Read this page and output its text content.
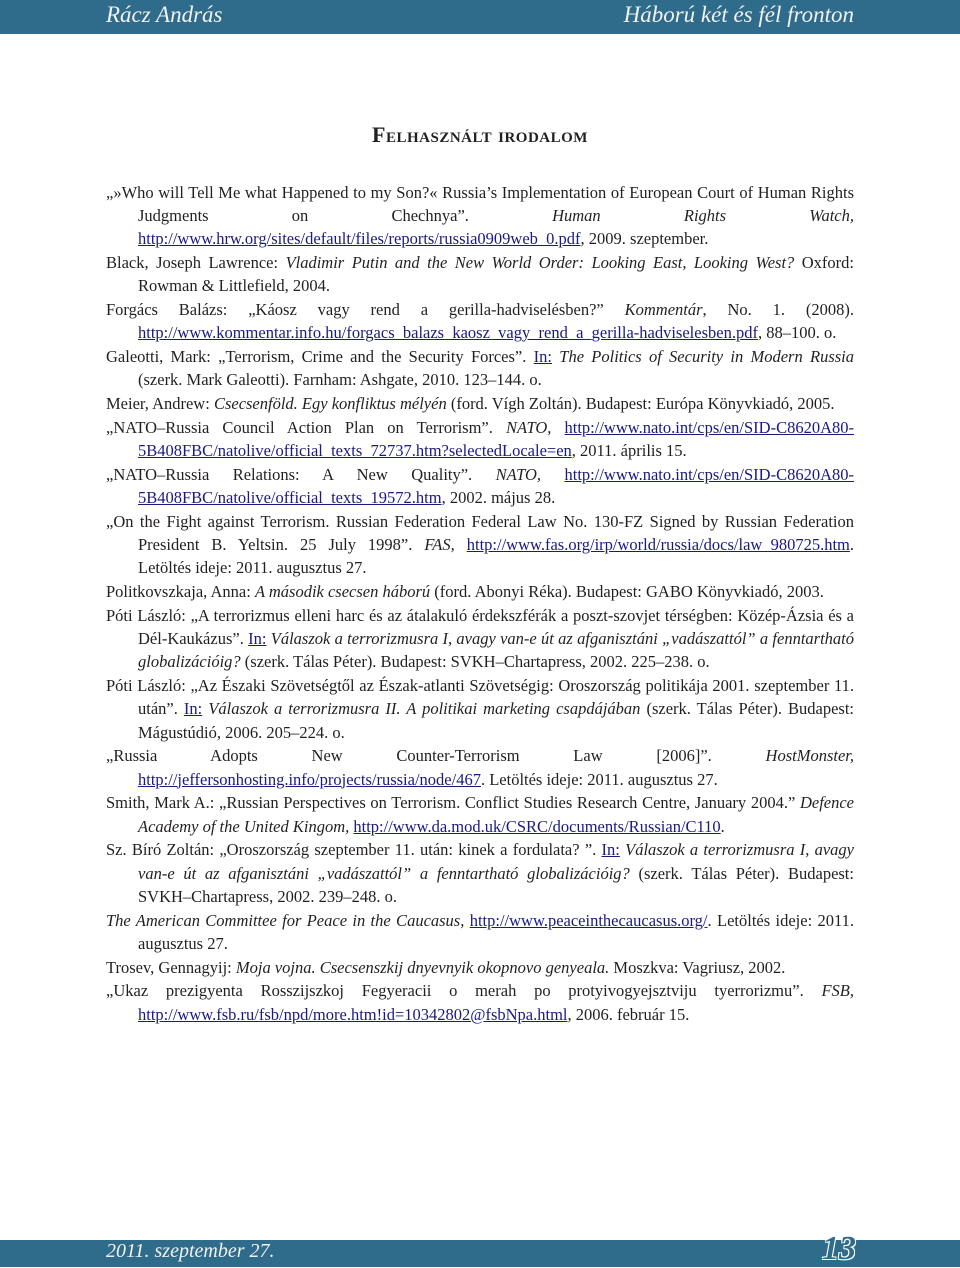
Rácz András	Háború két és fél fronton
Felhasznált irodalom

„»Who will Tell Me what Happened to my Son?« Russia’s Implementation of European Court of Human Rights Judgments on Chechnya”. Human Rights Watch, http://www.hrw.org/sites/default/files/reports/russia0909web_0.pdf, 2009. szeptember.

Black, Joseph Lawrence: Vladimir Putin and the New World Order: Looking East, Looking West? Oxford: Rowman & Littlefield, 2004.

Forgács Balázs: „Káosz vagy rend a gerilla-hadviselésben?” Kommentár, No. 1. (2008). http://www.kommentar.info.hu/forgacs_balazs_kaosz_vagy_rend_a_gerilla-hadviselesben.pdf, 88–100. o.

Galeotti, Mark: „Terrorism, Crime and the Security Forces”. In: The Politics of Security in Modern Russia (szerk. Mark Galeotti). Farnham: Ashgate, 2010. 123–144. o.

Meier, Andrew: Csecsenföld. Egy konfliktus mélyén (ford. Vígh Zoltán). Budapest: Európa Könyvkiadó, 2005.

„NATO–Russia Council Action Plan on Terrorism”. NATO, http://www.nato.int/cps/en/SID-C8620A80-5B408FBC/natolive/official_texts_72737.htm?selectedLocale=en, 2011. április 15.

„NATO–Russia Relations: A New Quality”. NATO, http://www.nato.int/cps/en/SID-C8620A80-5B408FBC/natolive/official_texts_19572.htm, 2002. május 28.

„On the Fight against Terrorism. Russian Federation Federal Law No. 130-FZ Signed by Russian Federation President B. Yeltsin. 25 July 1998”. FAS, http://www.fas.org/irp/world/russia/docs/law_980725.htm. Letöltés ideje: 2011. augusztus 27.

Politkovszkaja, Anna: A második csecsen háború (ford. Abonyi Réka). Budapest: GABO Könyvkiadó, 2003.

Póti László: „A terrorizmus elleni harc és az átalakuló érdekszférák a poszt-szovjet térségben: Közép-Ázsia és a Dél-Kaukázus”. In: Válaszok a terrorizmusra I, avagy van-e út az afganisztáni „vadászattól” a fenntartható globalizációig? (szerk. Tálas Péter). Budapest: SVKH–Chartapress, 2002. 225–238. o.

Póti László: „Az Északi Szövetségtől az Észak-atlanti Szövetségig: Oroszország politikája 2001. szeptember 11. után”. In: Válaszok a terrorizmusra II. A politikai marketing csapdájában (szerk. Tálas Péter). Budapest: Mágustúdió, 2006. 205–224. o.

„Russia Adopts New Counter-Terrorism Law [2006]”. HostMonster, http://jeffersonhosting.info/projects/russia/node/467. Letöltés ideje: 2011. augusztus 27.

Smith, Mark A.: „Russian Perspectives on Terrorism. Conflict Studies Research Centre, January 2004.” Defence Academy of the United Kingom, http://www.da.mod.uk/CSRC/documents/Russian/C110.

Sz. Bíró Zoltán: „Oroszország szeptember 11. után: kinek a fordulata? ”. In: Válaszok a terrorizmusra I, avagy van-e út az afganisztáni „vadászattól” a fenntartható globalizációig? (szerk. Tálas Péter). Budapest: SVKH–Chartapress, 2002. 239–248. o.

The American Committee for Peace in the Caucasus, http://www.peaceinthecaucasus.org/. Letöltés ideje: 2011. augusztus 27.

Trosev, Gennagyij: Moja vojna. Csecsenszkij dnyevnyik okopnovo genyeala. Moszkva: Vagriusz, 2002.

„Ukaz prezigyenta Rosszijszkoj Fegyeracii o merah po protyivogyejsztviju tyerrorizmu”. FSB, http://www.fsb.ru/fsb/npd/more.htm!id=10342802@fsbNpa.html, 2006. február 15.

2011. szeptember 27.	13
